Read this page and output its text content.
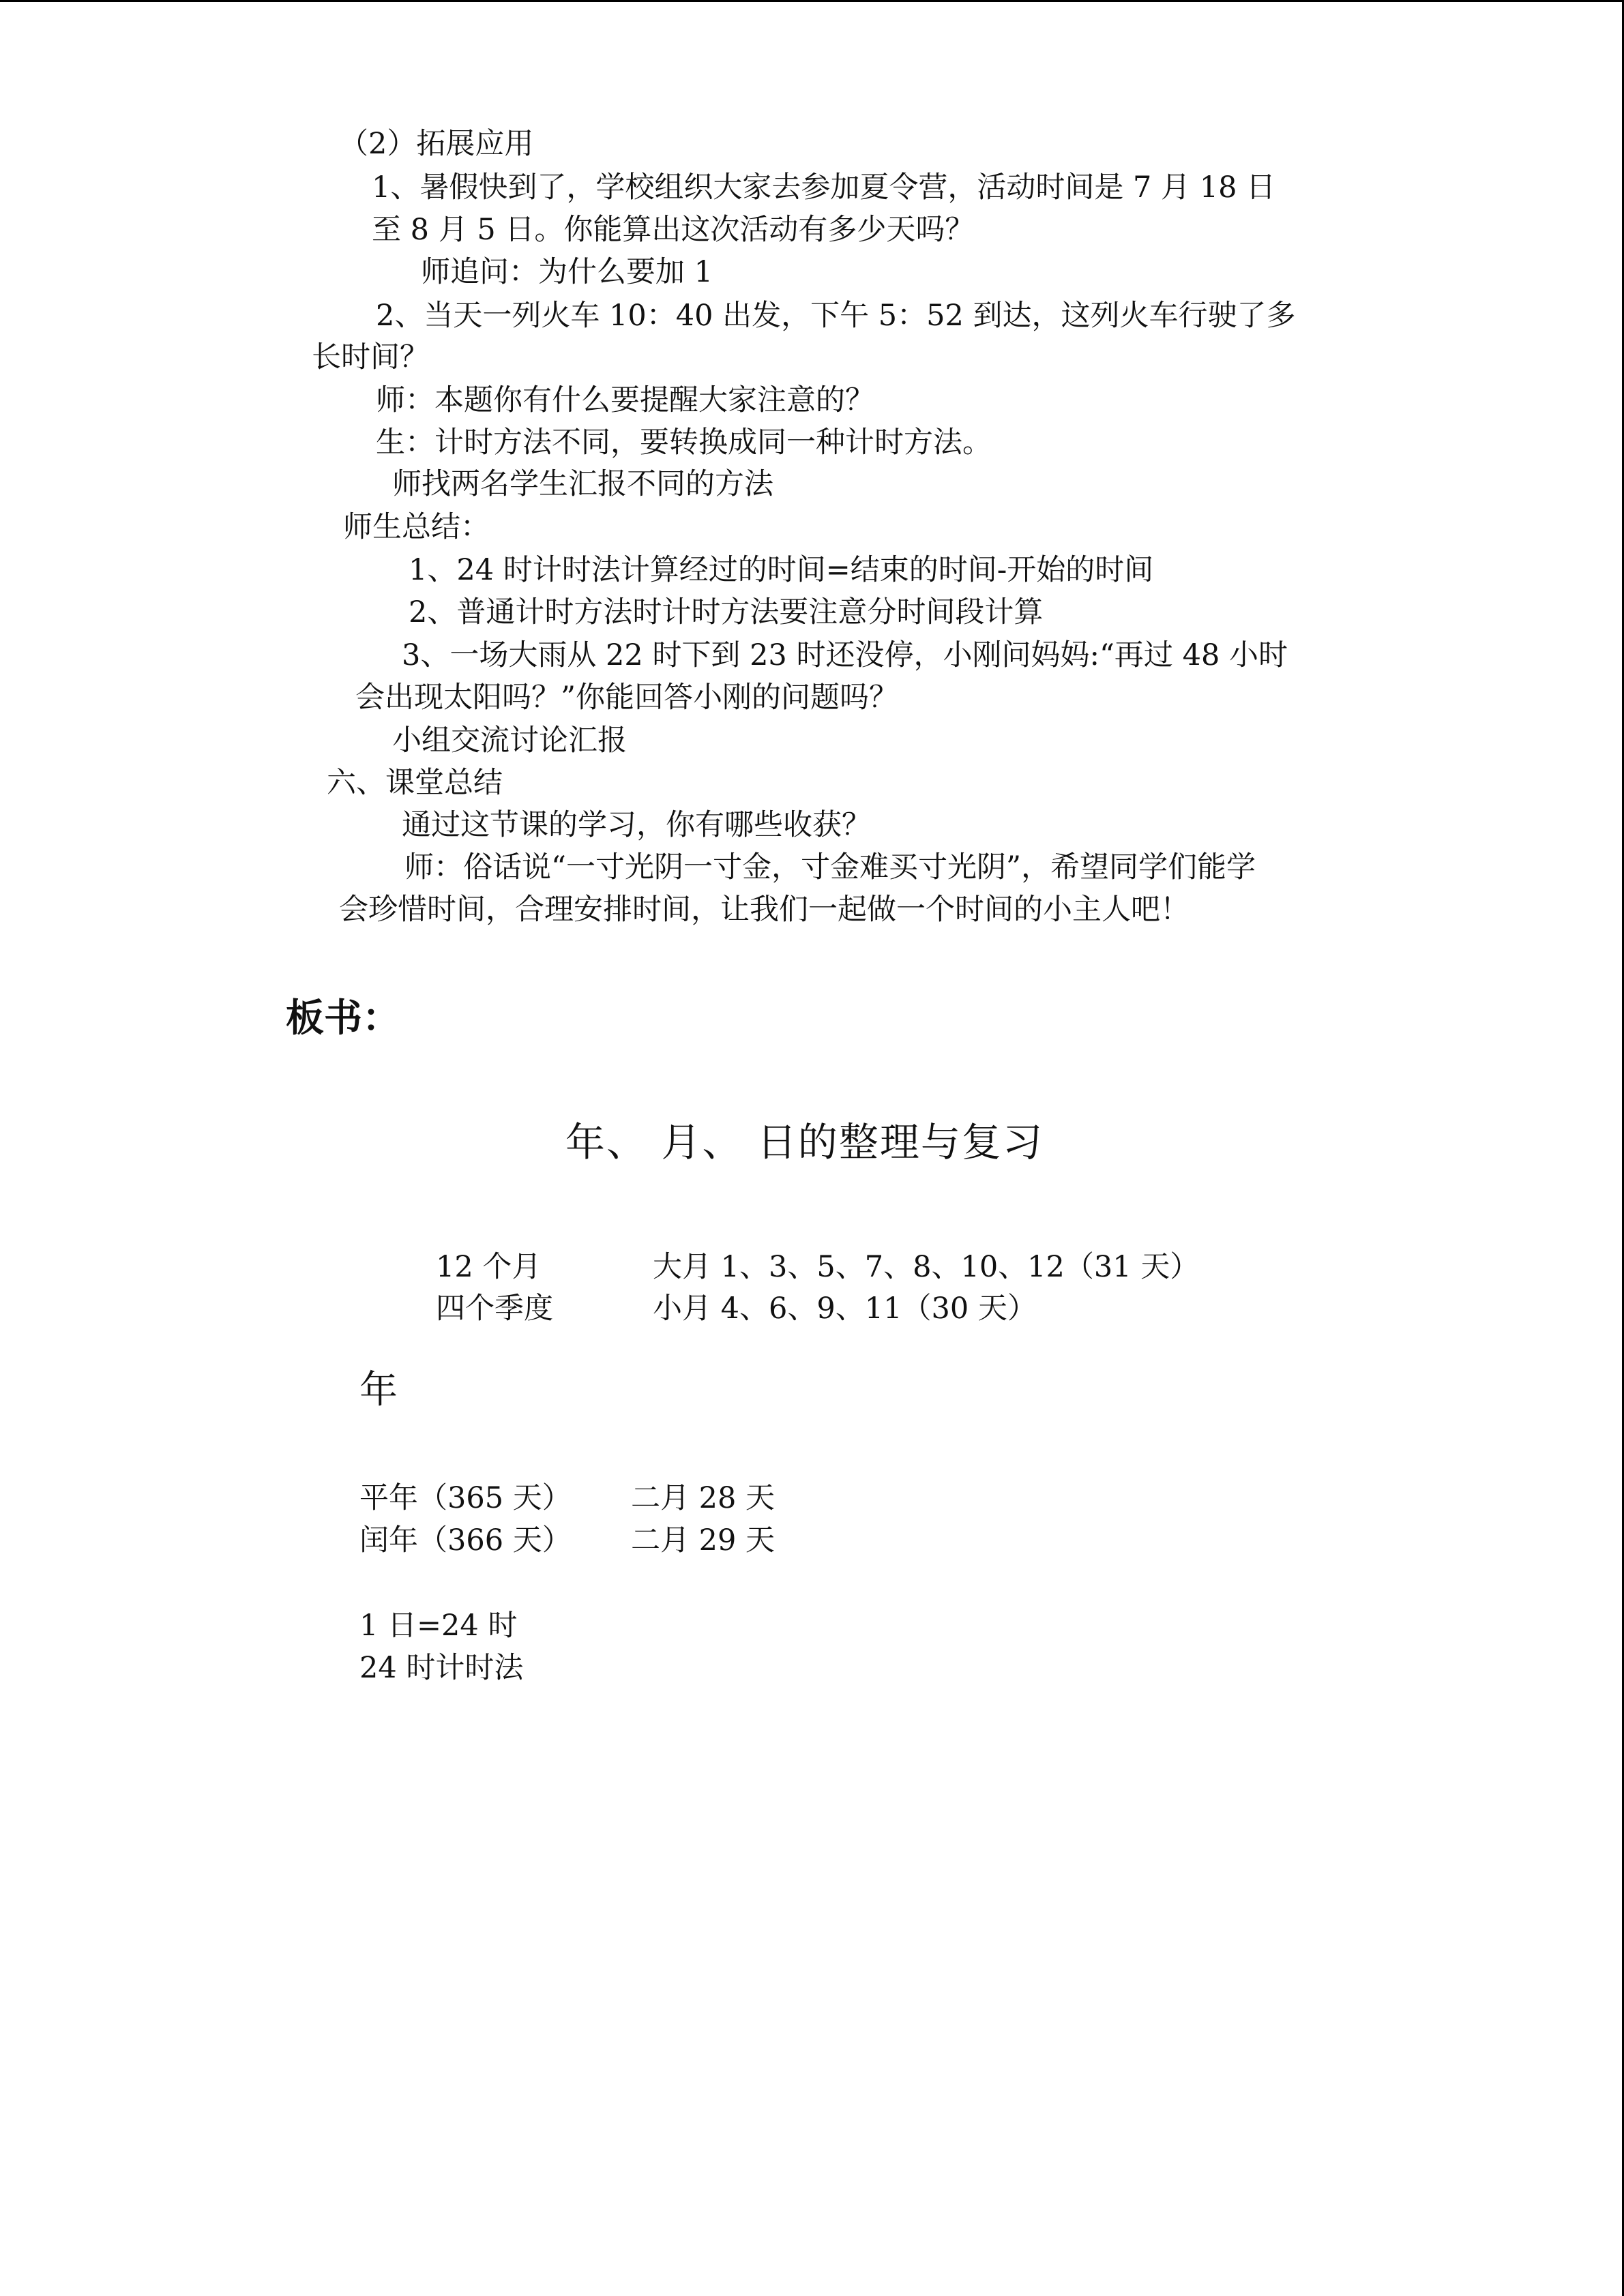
（2）拓展应用
1、暑假快到了，学校组织大家去参加夏令营，活动时间是 7 月 18 日
至 8 月 5 日。你能算出这次活动有多少天吗？
师追问：为什么要加 1
2、当天一列火车 10：40 出发，下午 5：52 到达，这列火车行驶了多
长时间？
师：本题你有什么要提醒大家注意的？
生：计时方法不同，要转换成同一种计时方法。
师找两名学生汇报不同的方法
师生总结：
1、24 时计时法计算经过的时间=结束的时间-开始的时间
2、普通计时方法时计时方法要注意分时间段计算
3、一场大雨从 22 时下到 23 时还没停，小刚问妈妈:“再过 48 小时
会出现太阳吗？”你能回答小刚的问题吗？
小组交流讨论汇报
六、课堂总结
通过这节课的学习，你有哪些收获？
师：俗话说“一寸光阴一寸金，寸金难买寸光阴”，希望同学们能学
会珍惜时间，合理安排时间，让我们一起做一个时间的小主人吧！
板书：
年、 月、 日的整理与复习
12 个月	大月 1、3、5、7、8、10、12（31 天）
四个季度	小月 4、6、9、11（30 天）
年
平年（365 天） 二月 28 天
闰年（366 天） 二月 29 天
1 日=24 时
24 时计时法
